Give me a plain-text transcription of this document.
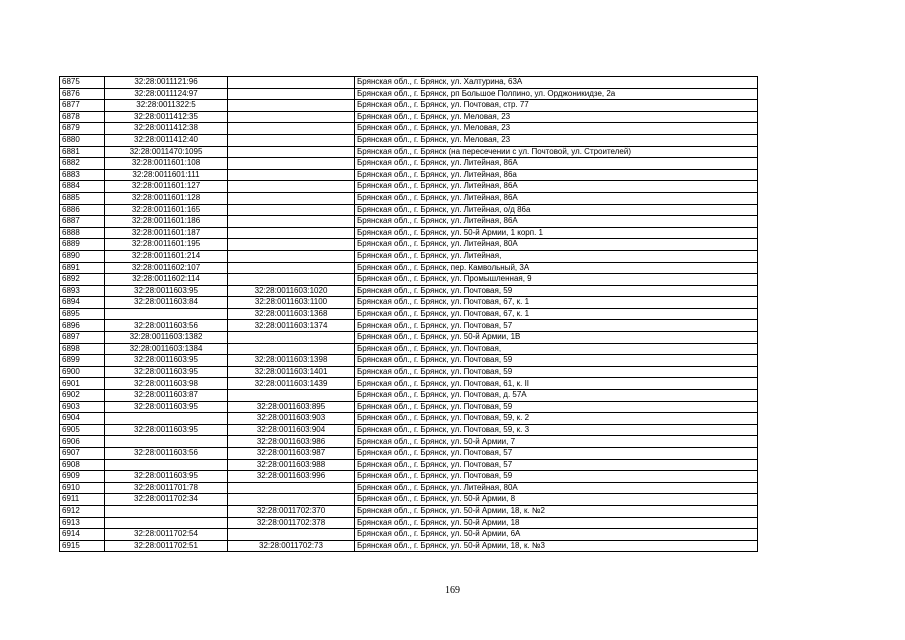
6875	32:28:0011121:96		Брянская обл., г. Брянск, ул. Халтурина, 63А
6876	32:28:0011124:97		Брянская обл., г. Брянск, рп Большое Полпино, ул. Орджоникидзе, 2а
6877	32:28:0011322:5		Брянская обл., г. Брянск, ул. Почтовая, стр. 77
6878	32:28:0011412:35		Брянская обл., г. Брянск, ул. Меловая, 23
6879	32:28:0011412:38		Брянская обл., г. Брянск, ул. Меловая, 23
6880	32:28:0011412:40		Брянская обл., г. Брянск, ул. Меловая, 23
6881	32:28:0011470:1095		Брянская обл., г. Брянск (на пересечении с ул. Почтовой, ул. Строителей)
6882	32:28:0011601:108		Брянская обл., г. Брянск, ул. Литейная, 86А
6883	32:28:0011601:111		Брянская обл., г. Брянск, ул. Литейная, 86а
6884	32:28:0011601:127		Брянская обл., г. Брянск, ул. Литейная, 86А
6885	32:28:0011601:128		Брянская обл., г. Брянск, ул. Литейная, 86А
6886	32:28:0011601:165		Брянская обл., г. Брянск, ул. Литейная, о/д 86а
6887	32:28:0011601:186		Брянская обл., г. Брянск, ул. Литейная, 86А
6888	32:28:0011601:187		Брянская обл., г. Брянск, ул. 50-й Армии, 1 корп. 1
6889	32:28:0011601:195		Брянская обл., г. Брянск, ул. Литейная, 80А
6890	32:28:0011601:214		Брянская обл., г. Брянск, ул. Литейная,
6891	32:28:0011602:107		Брянская обл., г. Брянск, пер. Камвольный, 3А
6892	32:28:0011602:114		Брянская обл., г. Брянск, ул. Промышленная, 9
6893	32:28:0011603:95	32:28:0011603:1020	Брянская обл., г. Брянск, ул. Почтовая, 59
6894	32:28:0011603:84	32:28:0011603:1100	Брянская обл., г. Брянск, ул. Почтовая, 67, к. 1
6895		32:28:0011603:1368	Брянская обл., г. Брянск, ул. Почтовая, 67, к. 1
6896	32:28:0011603:56	32:28:0011603:1374	Брянская обл., г. Брянск, ул. Почтовая, 57
6897	32:28:0011603:1382		Брянская обл., г. Брянск, ул. 50-й Армии, 1В
6898	32:28:0011603:1384		Брянская обл., г. Брянск, ул. Почтовая,
6899	32:28:0011603:95	32:28:0011603:1398	Брянская обл., г. Брянск, ул. Почтовая, 59
6900	32:28:0011603:95	32:28:0011603:1401	Брянская обл., г. Брянск, ул. Почтовая, 59
6901	32:28:0011603:98	32:28:0011603:1439	Брянская обл., г. Брянск, ул. Почтовая, 61, к. II
6902	32:28:0011603:87		Брянская обл., г. Брянск, ул. Почтовая, д. 57А
6903	32:28:0011603:95	32:28:0011603:895	Брянская обл., г. Брянск, ул. Почтовая, 59
6904		32:28:0011603:903	Брянская обл., г. Брянск, ул. Почтовая, 59, к. 2
6905	32:28:0011603:95	32:28:0011603:904	Брянская обл., г. Брянск, ул. Почтовая, 59, к. 3
6906		32:28:0011603:986	Брянская обл., г. Брянск, ул. 50-й Армии, 7
6907	32:28:0011603:56	32:28:0011603:987	Брянская обл., г. Брянск, ул. Почтовая, 57
6908		32:28:0011603:988	Брянская обл., г. Брянск, ул. Почтовая, 57
6909	32:28:0011603:95	32:28:0011603:996	Брянская обл., г. Брянск, ул. Почтовая, 59
6910	32:28:0011701:78		Брянская обл., г. Брянск, ул. Литейная, 80А
6911	32:28:0011702:34		Брянская обл., г. Брянск, ул. 50-й Армии, 8
6912		32:28:0011702:370	Брянская обл., г. Брянск, ул. 50-й Армии, 18, к. №2
6913		32:28:0011702:378	Брянская обл., г. Брянск, ул. 50-й Армии, 18
6914	32:28:0011702:54		Брянская обл., г. Брянск, ул. 50-й Армии, 6А
6915	32:28:0011702:51	32:28:0011702:73	Брянская обл., г. Брянск, ул. 50-й Армии, 18, к. №3
169
